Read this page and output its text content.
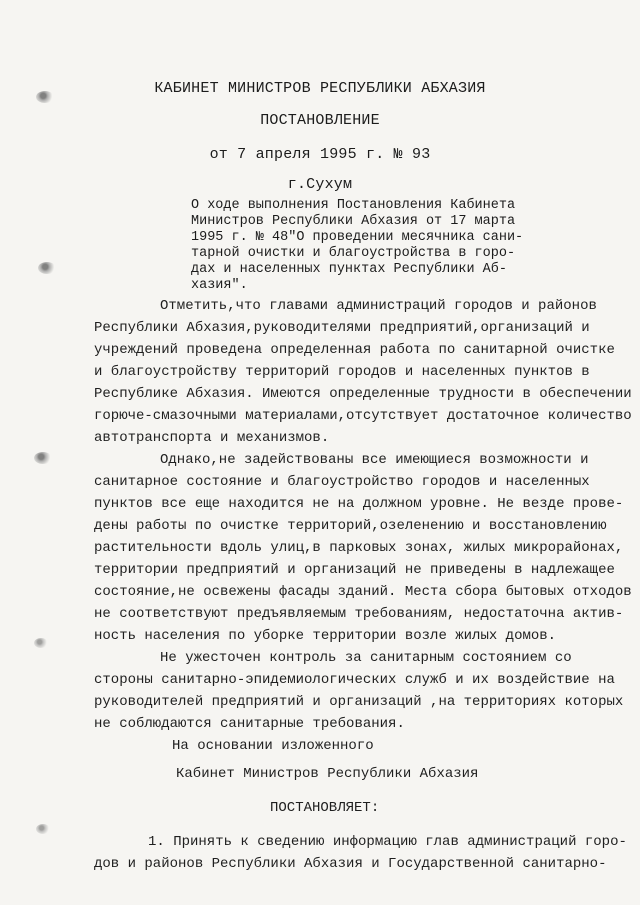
КАБИНЕТ МИНИСТРОВ РЕСПУБЛИКИ АБХАЗИЯ
ПОСТАНОВЛЕНИЕ
от 7 апреля 1995 г. № 93
г.Сухум
О ходе выполнения Постановления Кабинета
Министров Республики Абхазия от 17 марта
1995 г. № 48"О проведении месячника сани-
тарной очистки и благоустройства в горо-
дах и населенных пунктах Республики Аб-
хазия".
Отметить,что главами администраций городов и районов
Республики Абхазия,руководителями предприятий,организаций и
учреждений проведена определенная работа по санитарной очистке
и благоустройству территорий городов и населенных пунктов в
Республике Абхазия. Имеются определенные трудности в обеспечении
горюче-смазочными материалами,отсутствует достаточное количество
автотранспорта и механизмов.
Однако,не задействованы все имеющиеся возможности и
санитарное состояние и благоустройство городов и населенных
пунктов все еще находится не на должном уровне. Не везде прове-
дены работы по очистке территорий,озеленению и восстановлению
растительности вдоль улиц,в парковых зонах, жилых микрорайонах,
территории предприятий и организаций не приведены в надлежащее
состояние,не освежены фасады зданий. Места сбора бытовых отходов
не соответствуют предъявляемым требованиям, недостаточна актив-
ность населения по уборке территории возле жилых домов.
Не ужесточен контроль за санитарным состоянием со
стороны санитарно-эпидемиологических служб и их воздействие на
руководителей предприятий и организаций ,на территориях которых
не соблюдаются санитарные требования.
На основании изложенного
Кабинет Министров Республики Абхазия
ПОСТАНОВЛЯЕТ:
1. Принять к сведению информацию глав администраций горо-
дов и районов Республики Абхазия и Государственной санитарно-
